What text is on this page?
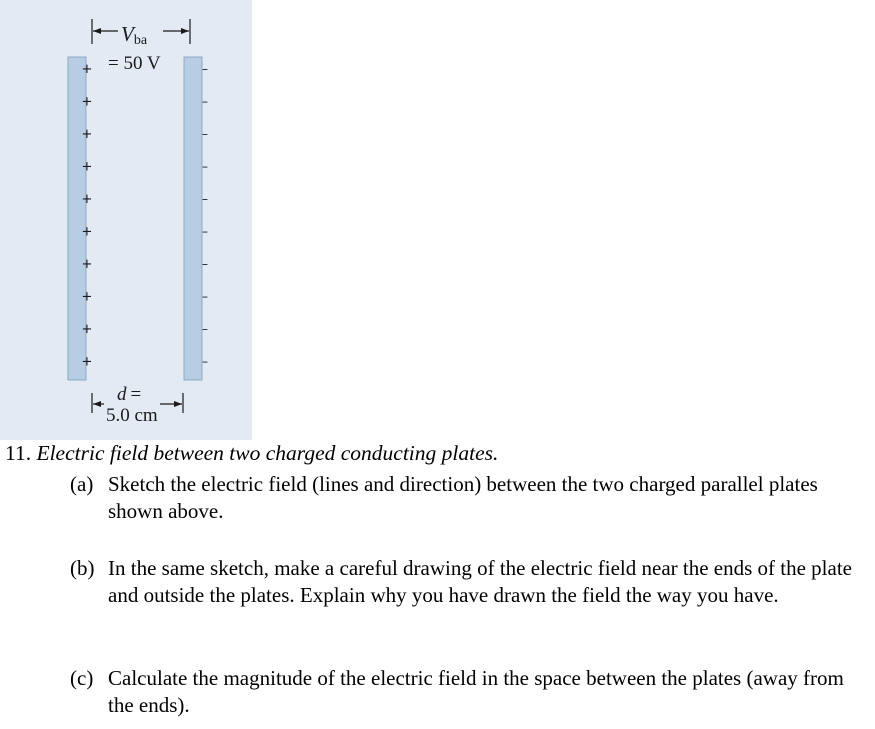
Vba
= 50 V
+	–
+	–
+	–
+	–
+	–
+	–
+	–
+	–
+	–
+	–
d =
5.0 cm
11. Electric field between two charged conducting plates.
(a) Sketch the electric field (lines and direction) between the two charged parallel plates shown above.
(b) In the same sketch, make a careful drawing of the electric field near the ends of the plate and outside the plates. Explain why you have drawn the field the way you have.
(c) Calculate the magnitude of the electric field in the space between the plates (away from the ends).
